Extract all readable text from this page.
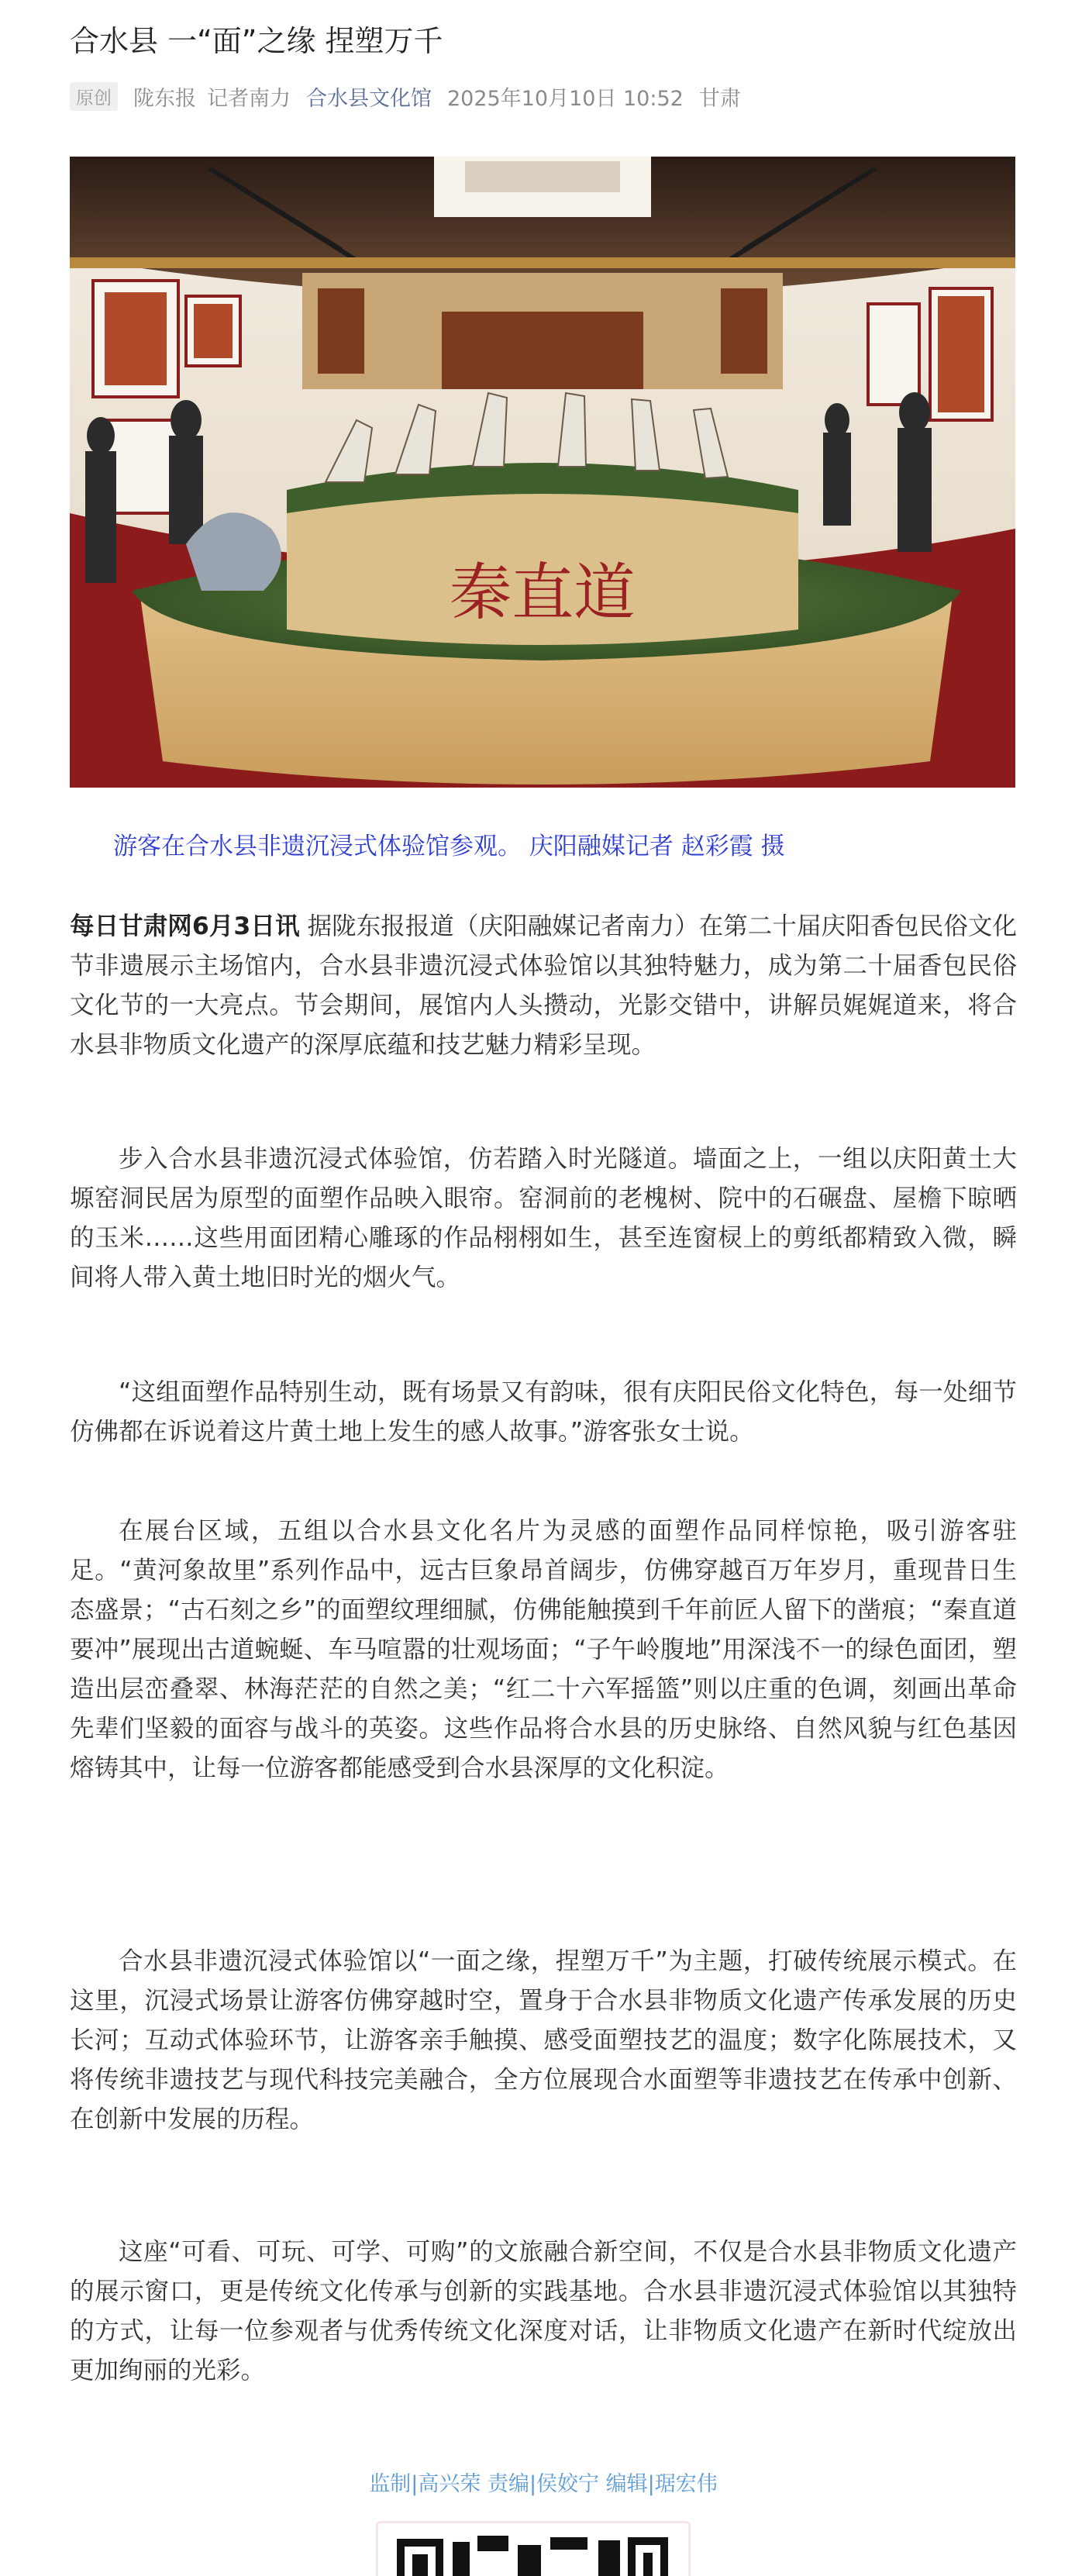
合水县 一“面”之缘 捏塑万千
原创 陇东报 记者南力 合水县文化馆 2025年10月10日 10:52 甘肃
秦直道
游客在合水县非遗沉浸式体验馆参观。 庆阳融媒记者 赵彩霞 摄

每日甘肃网6月3日讯 据陇东报报道（庆阳融媒记者南力）在第二十届庆阳香包民俗文化节非遗展示主场馆内，合水县非遗沉浸式体验馆以其独特魅力，成为第二十届香包民俗文化节的一大亮点。节会期间，展馆内人头攒动，光影交错中，讲解员娓娓道来，将合水县非物质文化遗产的深厚底蕴和技艺魅力精彩呈现。

步入合水县非遗沉浸式体验馆，仿若踏入时光隧道。墙面之上，一组以庆阳黄土大塬窑洞民居为原型的面塑作品映入眼帘。窑洞前的老槐树、院中的石碾盘、屋檐下晾晒的玉米……这些用面团精心雕琢的作品栩栩如生，甚至连窗棂上的剪纸都精致入微，瞬间将人带入黄土地旧时光的烟火气。

“这组面塑作品特别生动，既有场景又有韵味，很有庆阳民俗文化特色，每一处细节仿佛都在诉说着这片黄土地上发生的感人故事。”游客张女士说。

在展台区域，五组以合水县文化名片为灵感的面塑作品同样惊艳，吸引游客驻足。“黄河象故里”系列作品中，远古巨象昂首阔步，仿佛穿越百万年岁月，重现昔日生态盛景；“古石刻之乡”的面塑纹理细腻，仿佛能触摸到千年前匠人留下的凿痕；“秦直道要冲”展现出古道蜿蜒、车马喧嚣的壮观场面；“子午岭腹地”用深浅不一的绿色面团，塑造出层峦叠翠、林海茫茫的自然之美；“红二十六军摇篮”则以庄重的色调，刻画出革命先辈们坚毅的面容与战斗的英姿。这些作品将合水县的历史脉络、自然风貌与红色基因熔铸其中，让每一位游客都能感受到合水县深厚的文化积淀。

合水县非遗沉浸式体验馆以“一面之缘，捏塑万千”为主题，打破传统展示模式。在这里，沉浸式场景让游客仿佛穿越时空，置身于合水县非物质文化遗产传承发展的历史长河；互动式体验环节，让游客亲手触摸、感受面塑技艺的温度；数字化陈展技术，又将传统非遗技艺与现代科技完美融合，全方位展现合水面塑等非遗技艺在传承中创新、在创新中发展的历程。

这座“可看、可玩、可学、可购”的文旅融合新空间，不仅是合水县非物质文化遗产的展示窗口，更是传统文化传承与创新的实践基地。合水县非遗沉浸式体验馆以其独特的方式，让每一位参观者与优秀传统文化深度对话，让非物质文化遗产在新时代绽放出更加绚丽的光彩。

监制|高兴荣 责编|侯姣宁 编辑|琚宏伟
